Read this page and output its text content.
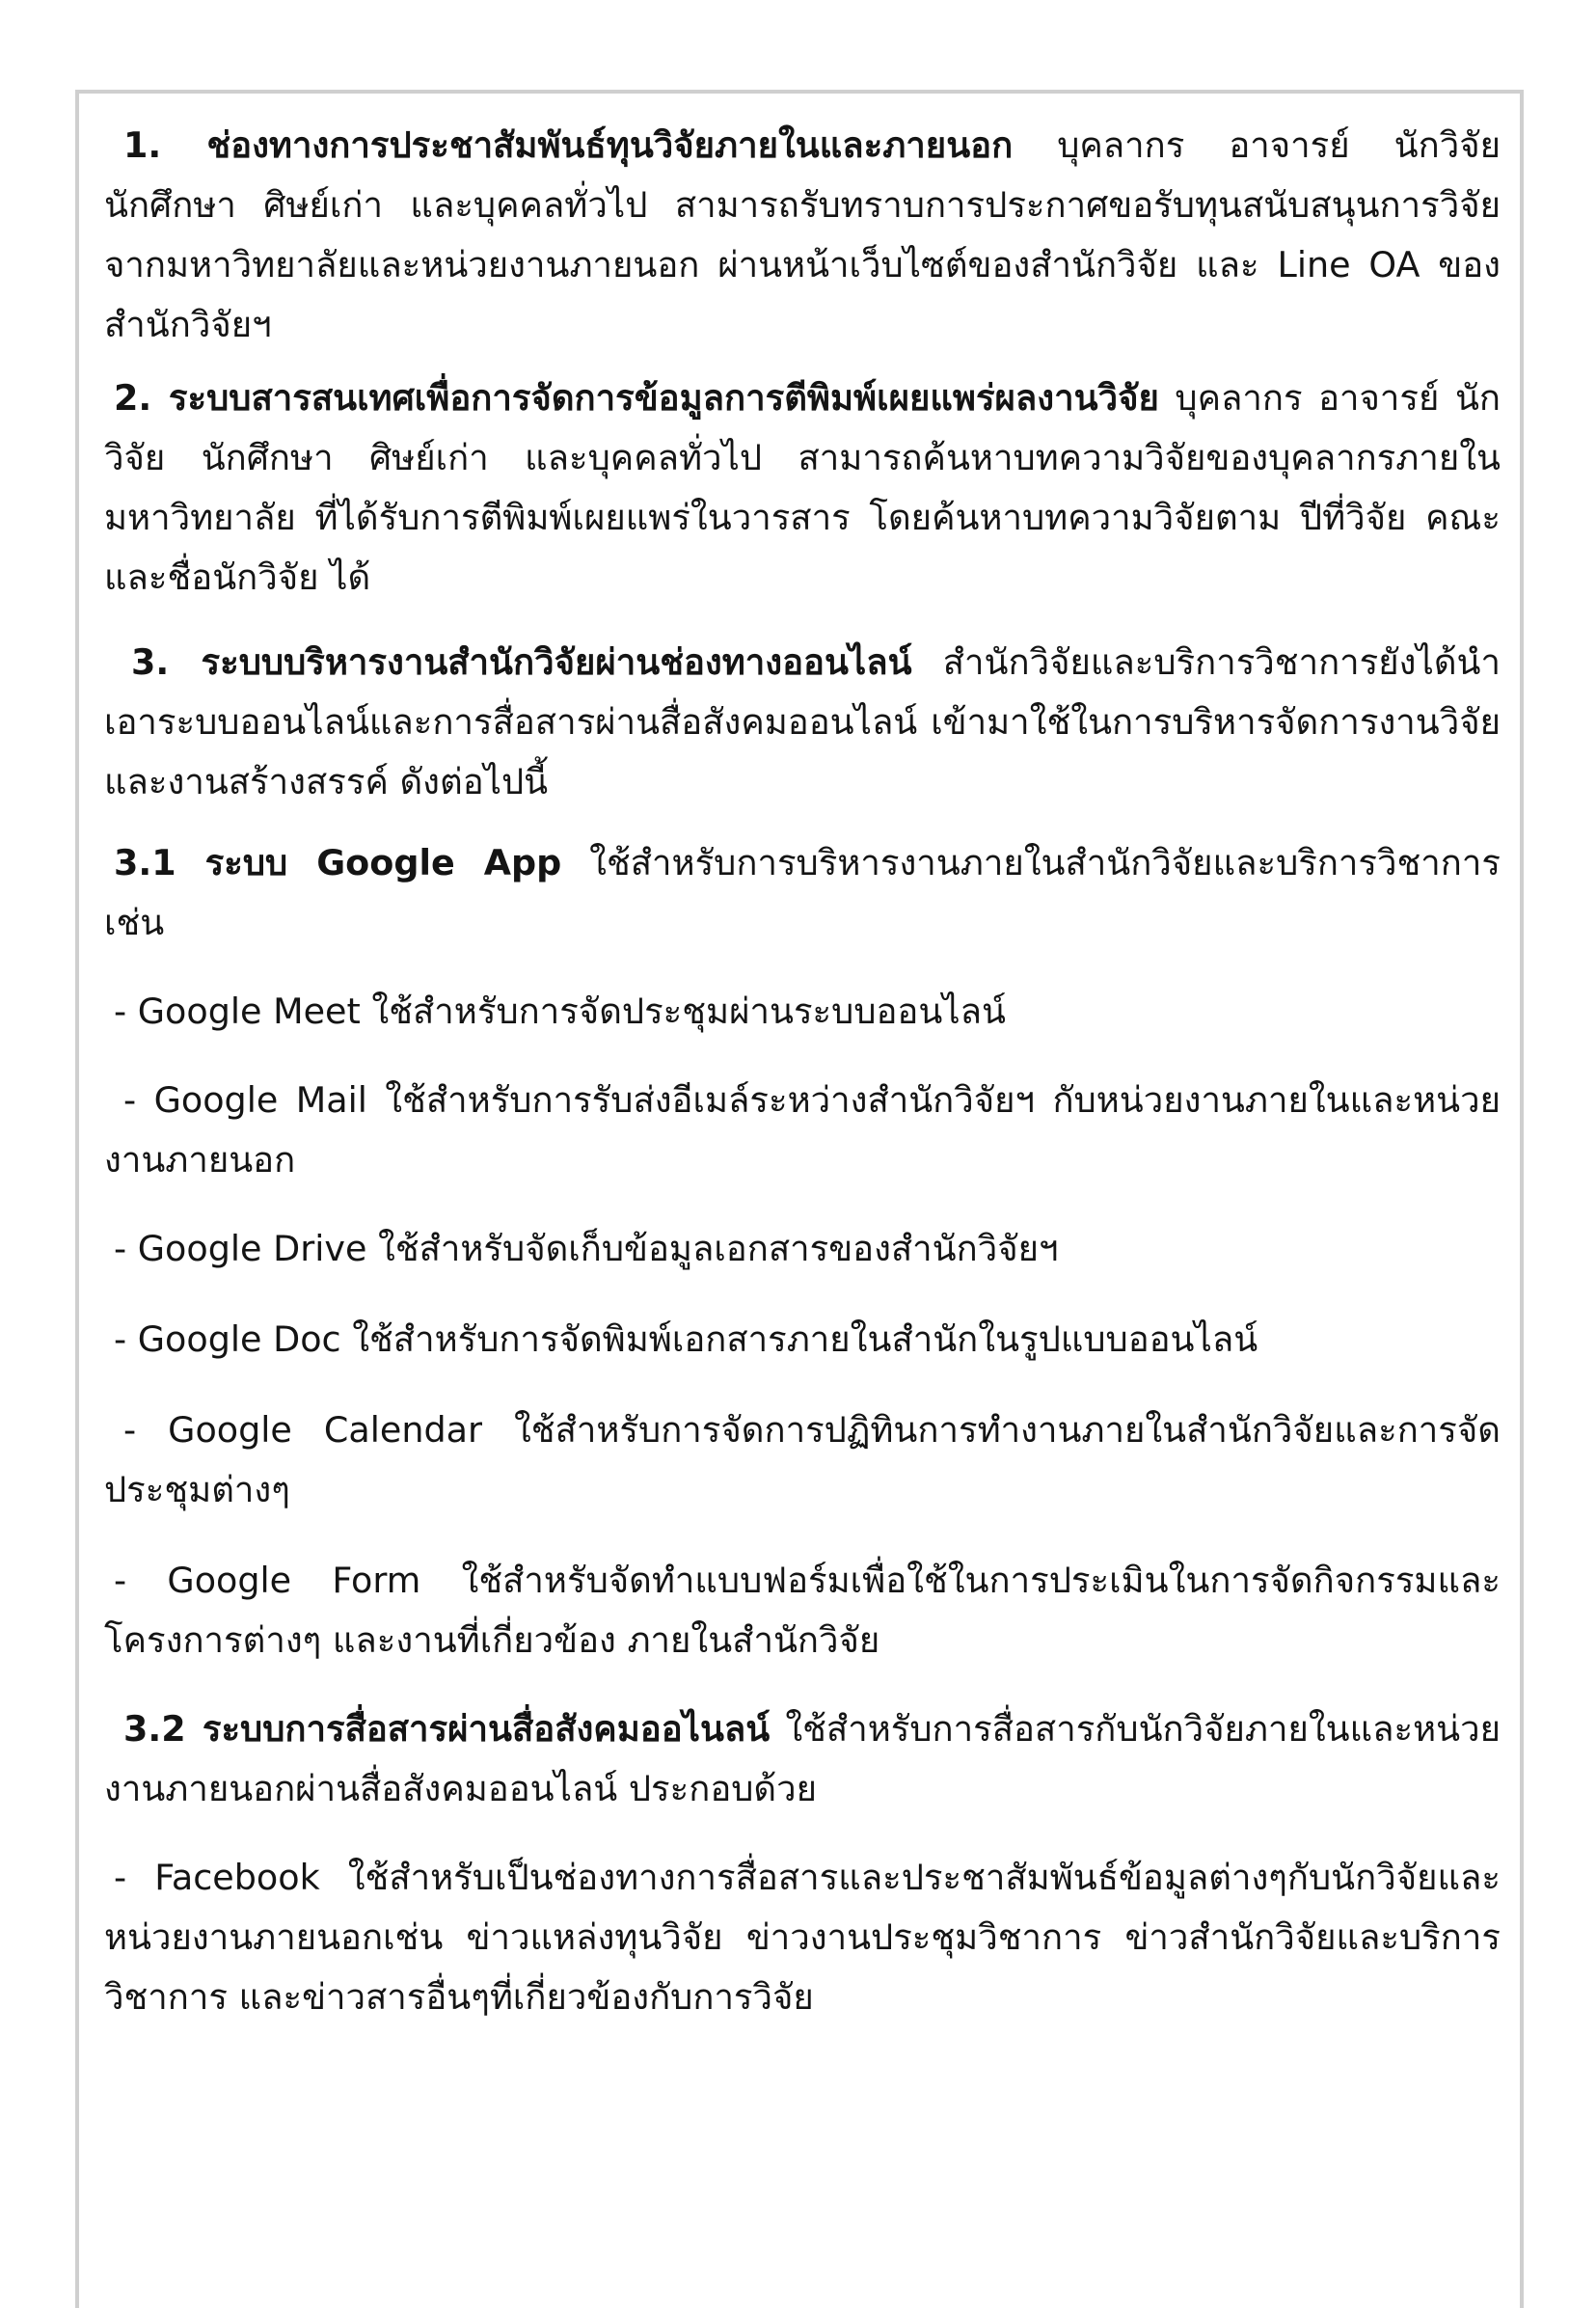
1. ช่องทางการประชาสัมพันธ์ทุนวิจัยภายในและภายนอก บุคลากร อาจารย์ นักวิจัย นักศึกษา ศิษย์เก่า และบุคคลทั่วไป สามารถรับทราบการประกาศขอรับทุนสนับสนุนการวิจัยจากมหาวิทยาลัยและหน่วยงานภายนอก ผ่านหน้าเว็บไซต์ของสำนักวิจัย และ Line OA ของสำนักวิจัยฯ

2. ระบบสารสนเทศเพื่อการจัดการข้อมูลการตีพิมพ์เผยแพร่ผลงานวิจัย บุคลากร อาจารย์ นักวิจัย นักศึกษา ศิษย์เก่า และบุคคลทั่วไป สามารถค้นหาบทความวิจัยของบุคลากรภายในมหาวิทยาลัย ที่ได้รับการตีพิมพ์เผยแพร่ในวารสาร โดยค้นหาบทความวิจัยตาม ปีที่วิจัย คณะ และชื่อนักวิจัย ได้

3. ระบบบริหารงานสำนักวิจัยผ่านช่องทางออนไลน์ สำนักวิจัยและบริการวิชาการยังได้นำเอาระบบออนไลน์และการสื่อสารผ่านสื่อสังคมออนไลน์ เข้ามาใช้ในการบริหารจัดการงานวิจัยและงานสร้างสรรค์ ดังต่อไปนี้

3.1 ระบบ Google App ใช้สำหรับการบริหารงานภายในสำนักวิจัยและบริการวิชาการ เช่น

- Google Meet ใช้สำหรับการจัดประชุมผ่านระบบออนไลน์

- Google Mail ใช้สำหรับการรับส่งอีเมล์ระหว่างสำนักวิจัยฯ กับหน่วยงานภายในและหน่วยงานภายนอก

- Google Drive ใช้สำหรับจัดเก็บข้อมูลเอกสารของสำนักวิจัยฯ

- Google Doc ใช้สำหรับการจัดพิมพ์เอกสารภายในสำนักในรูปแบบออนไลน์

- Google Calendar ใช้สำหรับการจัดการปฏิทินการทำงานภายในสำนักวิจัยและการจัดประชุมต่างๆ

- Google Form ใช้สำหรับจัดทำแบบฟอร์มเพื่อใช้ในการประเมินในการจัดกิจกรรมและโครงการต่างๆ และงานที่เกี่ยวข้อง ภายในสำนักวิจัย

3.2 ระบบการสื่อสารผ่านสื่อสังคมออไนลน์ ใช้สำหรับการสื่อสารกับนักวิจัยภายในและหน่วยงานภายนอกผ่านสื่อสังคมออนไลน์ ประกอบด้วย

- Facebook ใช้สำหรับเป็นช่องทางการสื่อสารและประชาสัมพันธ์ข้อมูลต่างๆกับนักวิจัยและหน่วยงานภายนอกเช่น ข่าวแหล่งทุนวิจัย ข่าวงานประชุมวิชาการ ข่าวสำนักวิจัยและบริการวิชาการ และข่าวสารอื่นๆที่เกี่ยวข้องกับการวิจัย
